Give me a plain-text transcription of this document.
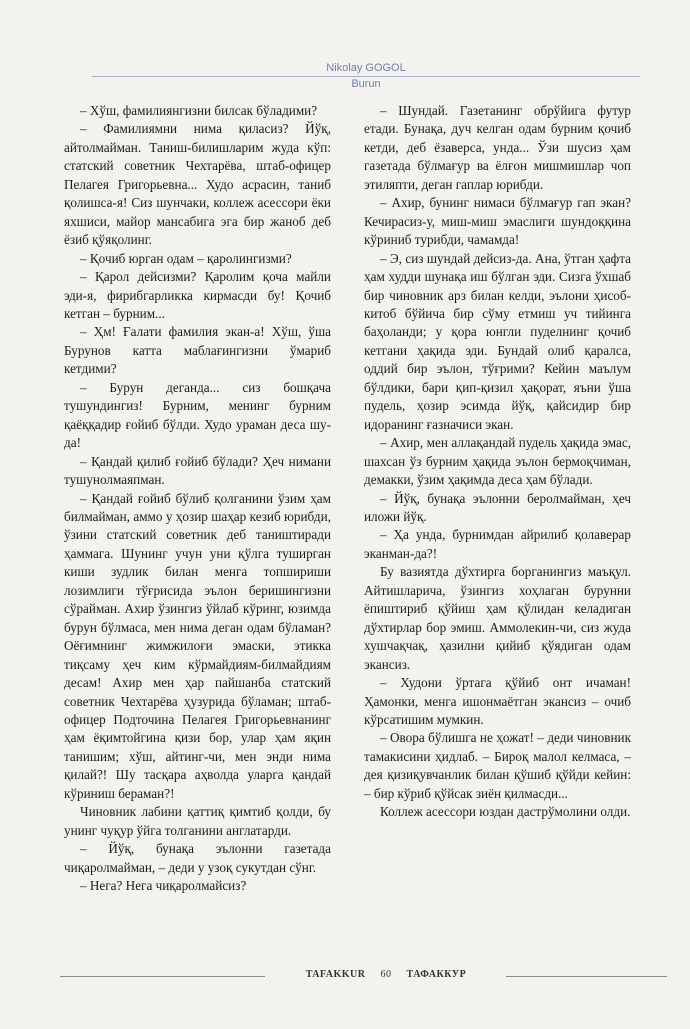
Nikolay GOGOL
Burun

– Хўш, фамилиянгизни билсак бўладими?

– Фамилиямни нима қиласиз? Йўқ, айтолмайман. Таниш-билишларим жуда кўп: статский советник Чехтарёва, штаб-офицер Пелагея Григорьевна... Худо асрасин, таниб қолишса-я! Сиз шунчаки, коллеж асессори ёки яхшиси, майор мансабига эга бир жаноб деб ёзиб қўяқолинг.

– Қочиб юрган одам – қаролингизми?

– Қарол дейсизми? Қаролим қоча майли эди-я, фирибгарликка кирмасди бу! Қочиб кетган – бурним...

– Ҳм! Ғалати фамилия экан-а! Хўш, ўша Бурунов катта маблағингизни ўмариб кетдими?

– Бурун деганда... сиз бошқача тушундингиз! Бурним, менинг бурним қаёққадир ғойиб бўлди. Худо ураман деса шу-да!

– Қандай қилиб ғойиб бўлади? Ҳеч нимани тушунолмаяпман.

– Қандай ғойиб бўлиб қолганини ўзим ҳам билмайман, аммо у ҳозир шаҳар кезиб юрибди, ўзини статский советник деб таништиради ҳаммага. Шунинг учун уни қўлга туширган киши зудлик билан менга топшириши лозимлиги тўғрисида эълон беришингизни сўрайман. Ахир ўзингиз ўйлаб кўринг, юзимда бурун бўлмаса, мен нима деган одам бўламан? Оёғимнинг жимжилоғи эмаски, этикка тиқсаму ҳеч ким кўрмайдиям-билмайдиям десам! Ахир мен ҳар пайшанба статский советник Чехтарёва ҳузурида бўламан; штаб-офицер Подточина Пелагея Григорьевнанинг ҳам ёқимтойгина қизи бор, улар ҳам яқин танишим; хўш, айтинг-чи, мен энди нима қилай?! Шу тасқара аҳволда уларга қандай кўриниш бераман?!

Чиновник лабини қаттиқ қимтиб қолди, бу унинг чуқур ўйга толганини англатарди.

– Йўқ, бунақа эълонни газетада чиқаролмайман, – деди у узоқ сукутдан сўнг.

– Нега? Нега чиқаролмайсиз?

– Шундай. Газетанинг обрўйига футур етади. Бунақа, дуч келган одам бурним қочиб кетди, деб ёзаверса, унда... Ўзи шусиз ҳам газетада бўлмағур ва ёлғон мишмишлар чоп этиляпти, деган гаплар юрибди.

– Ахир, бунинг нимаси бўлмағур гап экан? Кечирасиз-у, миш-миш эмаслиги шундоққина кўриниб турибди, чамамда!

– Э, сиз шундай дейсиз-да. Ана, ўтган ҳафта ҳам худди шунақа иш бўлган эди. Сизга ўхшаб бир чиновник арз билан келди, эълони ҳисоб-китоб бўйича бир сўму етмиш уч тийинга баҳоланди; у қора юнгли пуделнинг қочиб кетгани ҳақида эди. Бундай олиб қаралса, оддий бир эълон, тўғрими? Кейин маълум бўлдики, бари қип-қизил ҳақорат, яъни ўша пудель, ҳозир эсимда йўқ, қайсидир бир идоранинг ғазначиси экан.

– Ахир, мен аллақандай пудель ҳақида эмас, шахсан ўз бурним ҳақида эълон бермоқчиман, демакки, ўзим ҳақимда деса ҳам бўлади.

– Йўқ, бунақа эълонни беролмайман, ҳеч иложи йўқ.

– Ҳа унда, бурнимдан айрилиб қолаверар эканман-да?!

Бу вазиятда дўхтирга борганингиз маъқул. Айтишларича, ўзингиз хоҳлаган бурунни ёпиштириб қўйиш ҳам қўлидан келадиган дўхтирлар бор эмиш. Аммолекин-чи, сиз жуда хушчақчақ, ҳазилни қийиб қўядиган одам экансиз.

– Худони ўртага қўйиб онт ичаман! Ҳамонки, менга ишонмаётган экансиз – очиб кўрсатишим мумкин.

– Овора бўлишга не ҳожат! – деди чиновник тамакисини ҳидлаб. – Бироқ малол келмаса, – дея қизиқувчанлик билан қўшиб қўйди кейин: – бир кўриб қўйсак зиён қилмасди...

Коллеж асессори юздан дастрўмолини олди.

TAFAKKUR 60 ТАФАККУР
